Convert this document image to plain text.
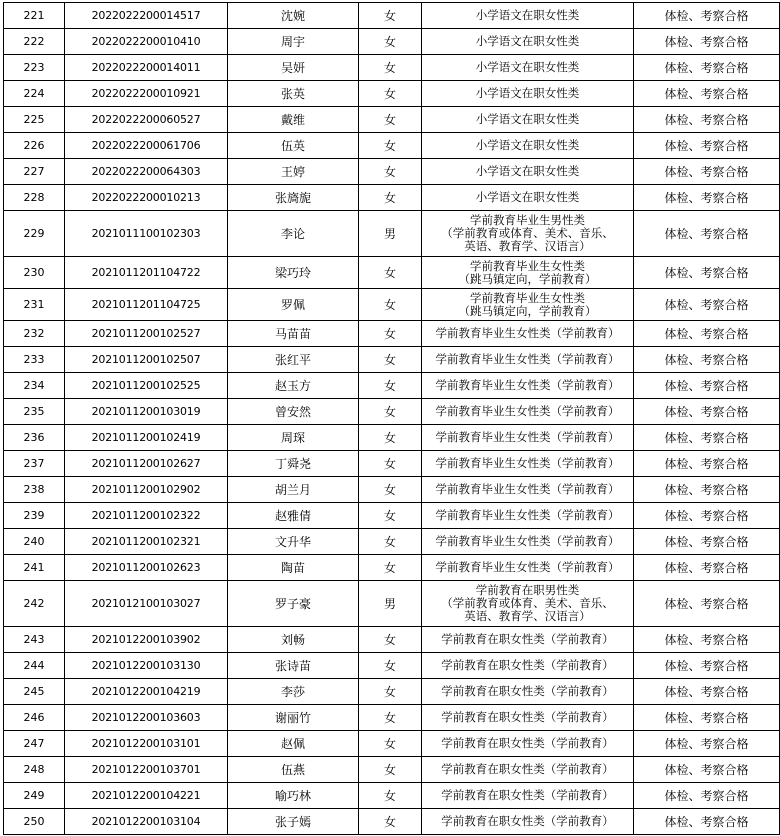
221	2022022200014517	沈婉	女	小学语文在职女性类	体检、考察合格
222	2022022200010410	周宇	女	小学语文在职女性类	体检、考察合格
223	2022022200014011	吴妍	女	小学语文在职女性类	体检、考察合格
224	2022022200010921	张英	女	小学语文在职女性类	体检、考察合格
225	2022022200060527	戴维	女	小学语文在职女性类	体检、考察合格
226	2022022200061706	伍英	女	小学语文在职女性类	体检、考察合格
227	2022022200064303	王婷	女	小学语文在职女性类	体检、考察合格
228	2022022200010213	张旖旎	女	小学语文在职女性类	体检、考察合格
229	2021011100102303	李论	男	学前教育毕业生男性类
（学前教育或体育、美术、音乐、
英语、教育学、汉语言）	体检、考察合格
230	2021011201104722	梁巧玲	女	学前教育毕业生女性类
（跳马镇定向，学前教育）	体检、考察合格
231	2021011201104725	罗佩	女	学前教育毕业生女性类
（跳马镇定向，学前教育）	体检、考察合格
232	2021011200102527	马苗苗	女	学前教育毕业生女性类（学前教育）	体检、考察合格
233	2021011200102507	张红平	女	学前教育毕业生女性类（学前教育）	体检、考察合格
234	2021011200102525	赵玉方	女	学前教育毕业生女性类（学前教育）	体检、考察合格
235	2021011200103019	曾安然	女	学前教育毕业生女性类（学前教育）	体检、考察合格
236	2021011200102419	周琛	女	学前教育毕业生女性类（学前教育）	体检、考察合格
237	2021011200102627	丁舜尧	女	学前教育毕业生女性类（学前教育）	体检、考察合格
238	2021011200102902	胡兰月	女	学前教育毕业生女性类（学前教育）	体检、考察合格
239	2021011200102322	赵雅倩	女	学前教育毕业生女性类（学前教育）	体检、考察合格
240	2021011200102321	文升华	女	学前教育毕业生女性类（学前教育）	体检、考察合格
241	2021011200102623	陶苗	女	学前教育毕业生女性类（学前教育）	体检、考察合格
242	2021012100103027	罗子豪	男	学前教育在职男性类
（学前教育或体育、美术、音乐、
英语、教育学、汉语言）	体检、考察合格
243	2021012200103902	刘畅	女	学前教育在职女性类（学前教育）	体检、考察合格
244	2021012200103130	张诗苗	女	学前教育在职女性类（学前教育）	体检、考察合格
245	2021012200104219	李莎	女	学前教育在职女性类（学前教育）	体检、考察合格
246	2021012200103603	谢丽竹	女	学前教育在职女性类（学前教育）	体检、考察合格
247	2021012200103101	赵佩	女	学前教育在职女性类（学前教育）	体检、考察合格
248	2021012200103701	伍燕	女	学前教育在职女性类（学前教育）	体检、考察合格
249	2021012200104221	喻巧林	女	学前教育在职女性类（学前教育）	体检、考察合格
250	2021012200103104	张子嫣	女	学前教育在职女性类（学前教育）	体检、考察合格
